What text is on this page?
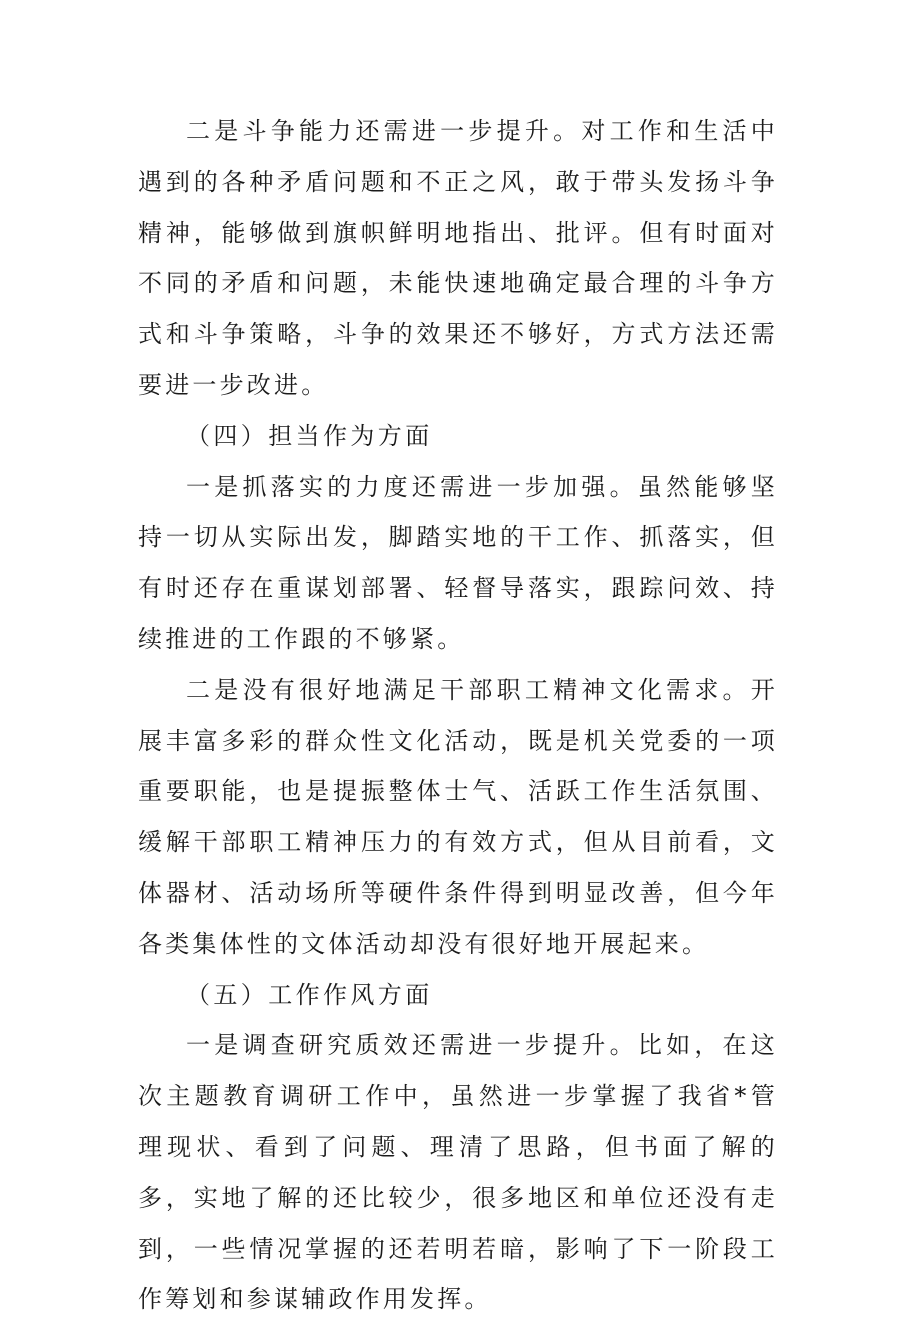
二是斗争能力还需进一步提升。对工作和生活中遇到的各种矛盾问题和不正之风，敢于带头发扬斗争精神，能够做到旗帜鲜明地指出、批评。但有时面对不同的矛盾和问题，未能快速地确定最合理的斗争方式和斗争策略，斗争的效果还不够好，方式方法还需要进一步改进。

（四）担当作为方面

一是抓落实的力度还需进一步加强。虽然能够坚持一切从实际出发，脚踏实地的干工作、抓落实，但有时还存在重谋划部署、轻督导落实，跟踪问效、持续推进的工作跟的不够紧。

二是没有很好地满足干部职工精神文化需求。开展丰富多彩的群众性文化活动，既是机关党委的一项重要职能，也是提振整体士气、活跃工作生活氛围、缓解干部职工精神压力的有效方式，但从目前看，文体器材、活动场所等硬件条件得到明显改善，但今年各类集体性的文体活动却没有很好地开展起来。

（五）工作作风方面

一是调查研究质效还需进一步提升。比如，在这次主题教育调研工作中，虽然进一步掌握了我省*管理现状、看到了问题、理清了思路，但书面了解的多，实地了解的还比较少，很多地区和单位还没有走到，一些情况掌握的还若明若暗，影响了下一阶段工作筹划和参谋辅政作用发挥。
